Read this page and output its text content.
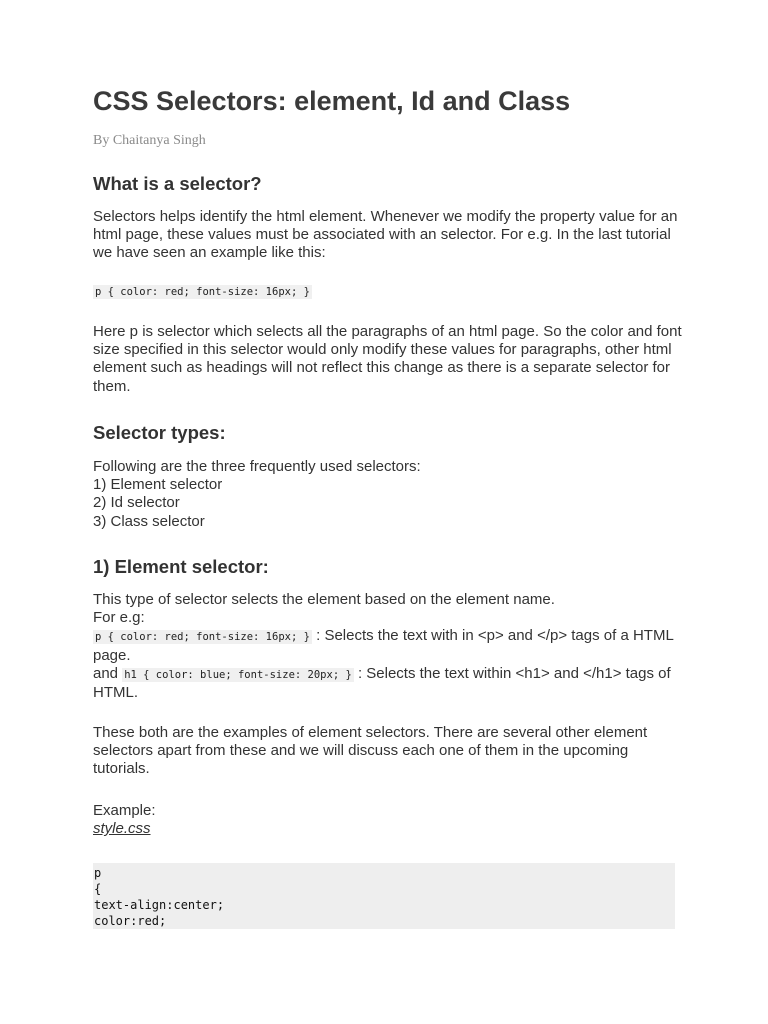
CSS Selectors: element, Id and Class
By Chaitanya Singh
What is a selector?

Selectors helps identify the html element. Whenever we modify the property value for an html page, these values must be associated with an selector. For e.g. In the last tutorial we have seen an example like this:

p { color: red; font-size: 16px; }

Here p is selector which selects all the paragraphs of an html page. So the color and font size specified in this selector would only modify these values for paragraphs, other html element such as headings will not reflect this change as there is a separate selector for them.

Selector types:

Following are the three frequently used selectors:

1) Element selector

2) Id selector

3) Class selector

1) Element selector:

This type of selector selects the element based on the element name.

For e.g:

p { color: red; font-size: 16px; } : Selects the text with in <p> and </p> tags of a HTML page.

and h1 { color: blue; font-size: 20px; } : Selects the text within <h1> and </h1> tags of HTML.

These both are the examples of element selectors. There are several other element selectors apart from these and we will discuss each one of them in the upcoming tutorials.

Example:

style.css

p
{
text-align:center;
color:red;
